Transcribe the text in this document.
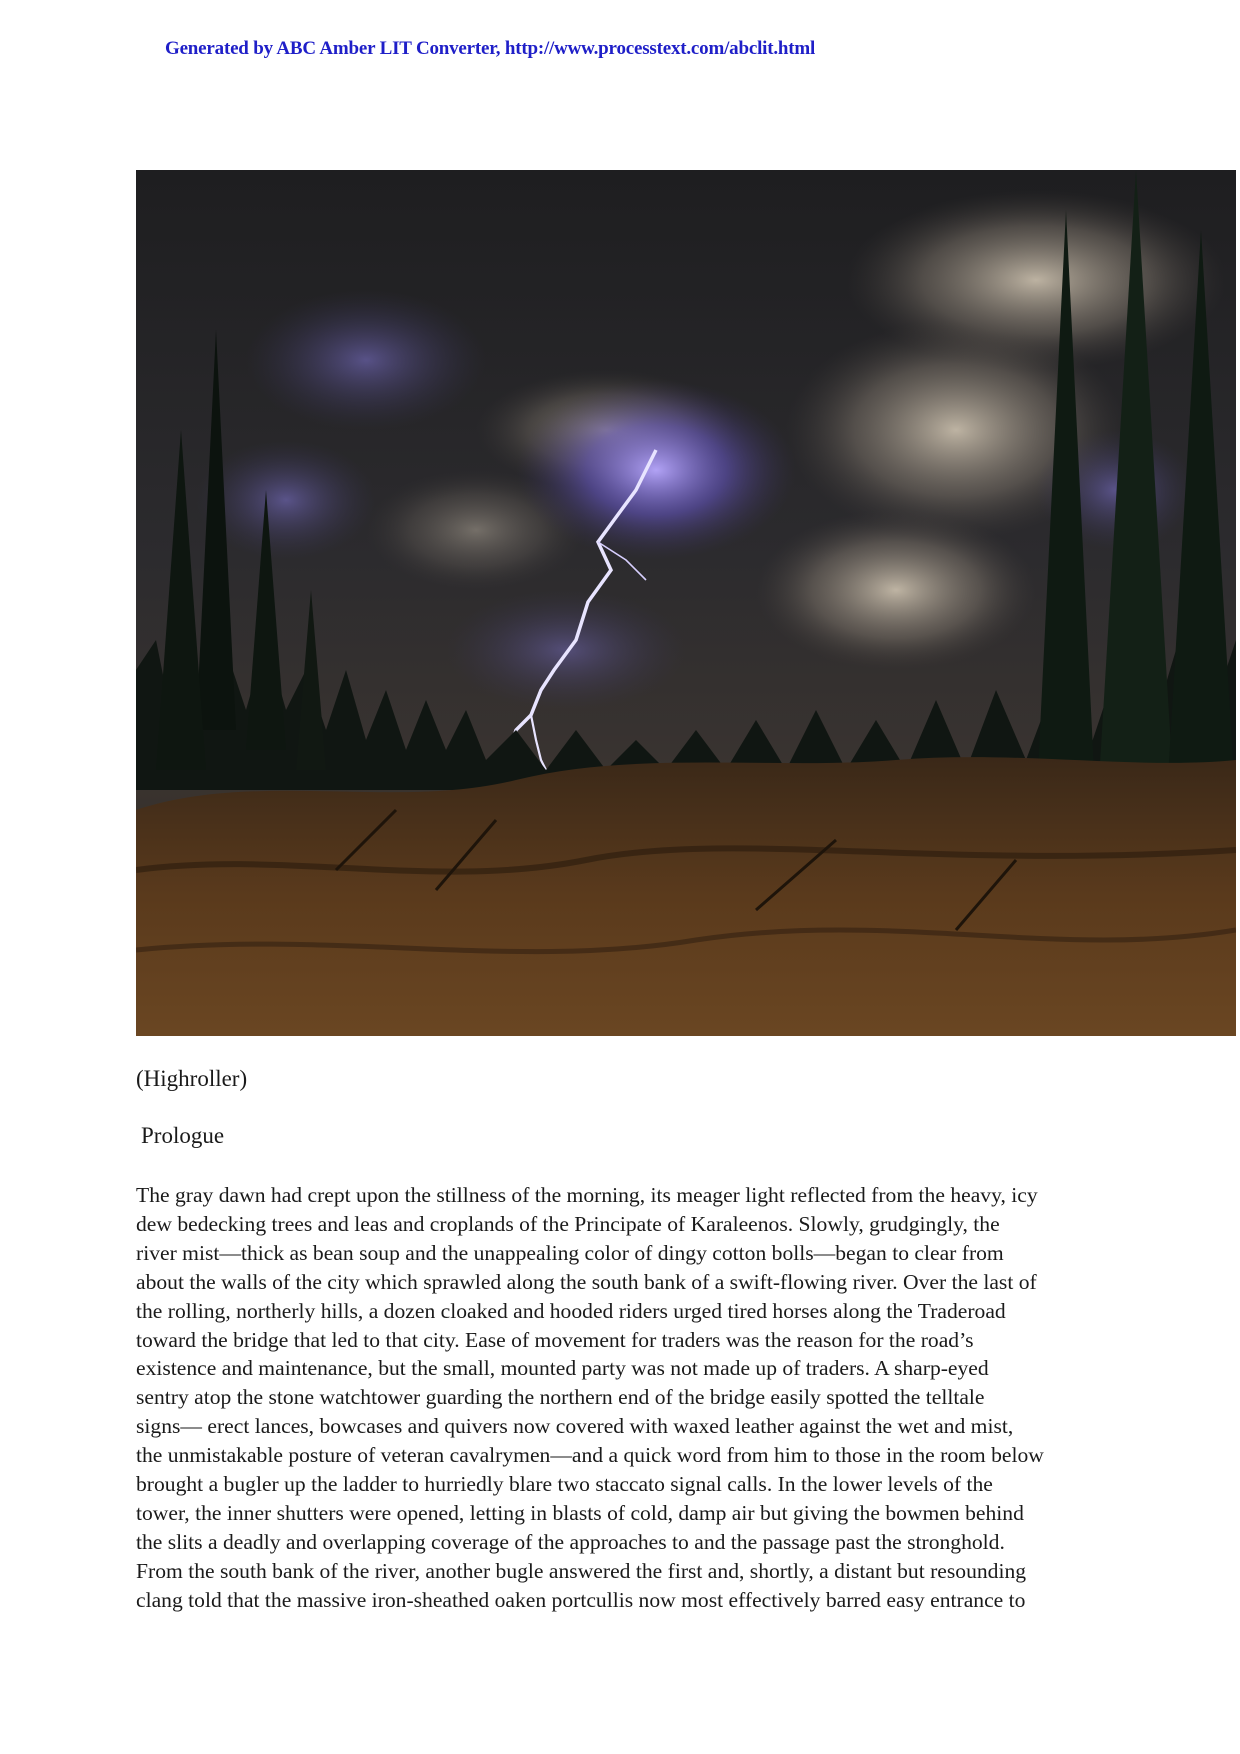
Generated by ABC Amber LIT Converter, http://www.processtext.com/abclit.html
(Highroller)
Prologue

The gray dawn had crept upon the stillness of the morning, its meager light reflected from the heavy, icy
dew bedecking trees and leas and croplands of the Principate of Karaleenos. Slowly, grudgingly, the
river mist—thick as bean soup and the unappealing color of dingy cotton bolls—began to clear from
about the walls of the city which sprawled along the south bank of a swift-flowing river. Over the last of
the rolling, northerly hills, a dozen cloaked and hooded riders urged tired horses along the Traderoad
toward the bridge that led to that city. Ease of movement for traders was the reason for the road’s
existence and maintenance, but the small, mounted party was not made up of traders. A sharp-eyed
sentry atop the stone watchtower guarding the northern end of the bridge easily spotted the telltale
signs— erect lances, bowcases and quivers now covered with waxed leather against the wet and mist,
the unmistakable posture of veteran cavalrymen—and a quick word from him to those in the room below
brought a bugler up the ladder to hurriedly blare two staccato signal calls. In the lower levels of the
tower, the inner shutters were opened, letting in blasts of cold, damp air but giving the bowmen behind
the slits a deadly and overlapping coverage of the approaches to and the passage past the stronghold.
From the south bank of the river, another bugle answered the first and, shortly, a distant but resounding
clang told that the massive iron-sheathed oaken portcullis now most effectively barred easy entrance to
